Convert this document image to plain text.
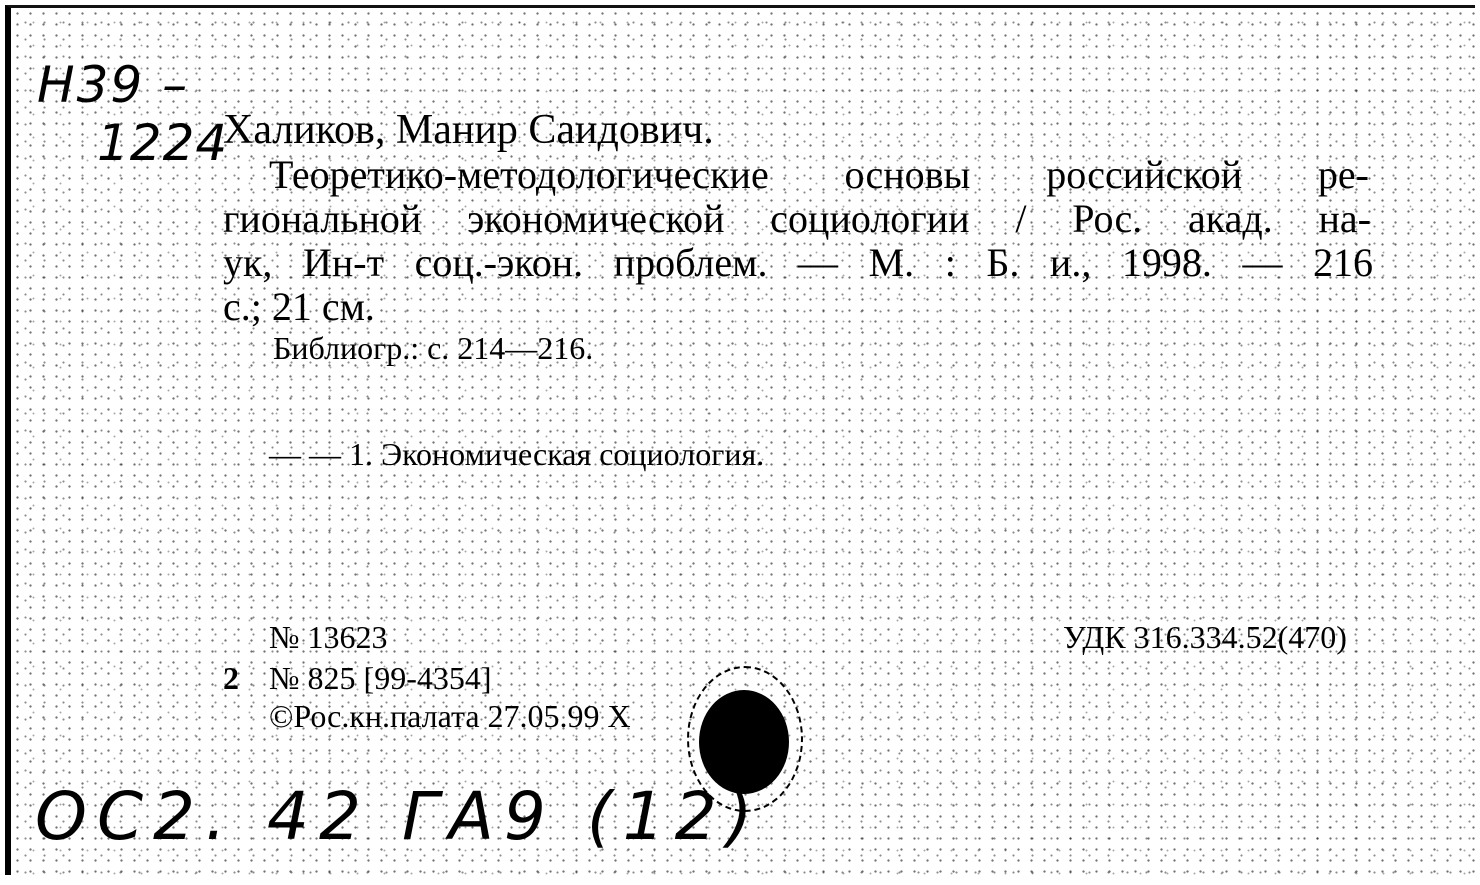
Н39 –
1224
Халиков, Манир Саидович.
Теоретико-методологические основы российской ре-
гиональной экономической социологии / Рос. акад. на-
ук, Ин-т соц.-экон. проблем. — М. : Б. и., 1998. — 216
с.; 21 см.
Библиогр.: с. 214—216.
— — 1. Экономическая социология.
№ 13623	УДК 316.334.52(470)
2 № 825 [99-4354]
©Рос.кн.палата 27.05.99 Х
ОС2. 42 ГА9 (12)
